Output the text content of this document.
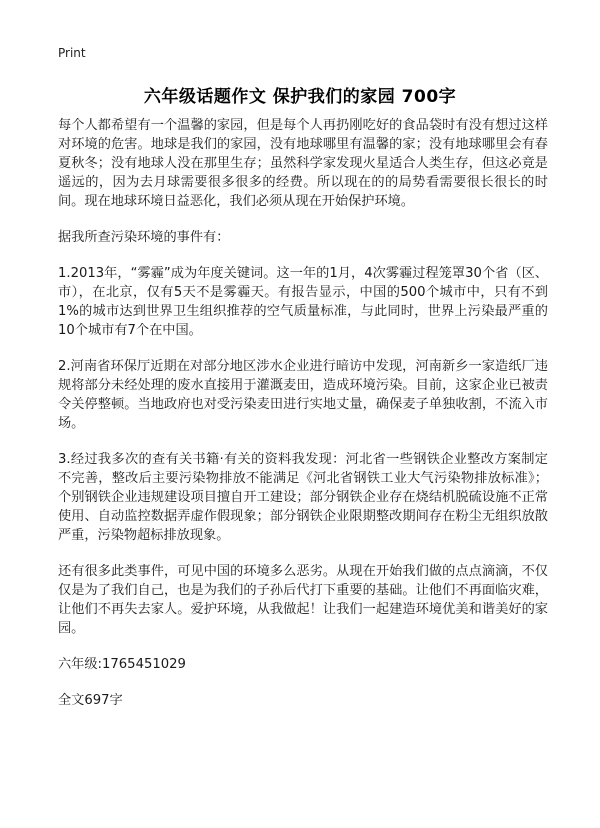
Print
六年级话题作文 保护我们的家园 700字

每个人都希望有一个温馨的家园，但是每个人再扔刚吃好的食品袋时有没有想过这样对环境的危害。地球是我们的家园，没有地球哪里有温馨的家；没有地球哪里会有春夏秋冬；没有地球人没在那里生存；虽然科学家发现火星适合人类生存，但这必竟是遥远的，因为去月球需要很多很多的经费。所以现在的的局势看需要很长很长的时间。现在地球环境日益恶化，我们必须从现在开始保护环境。

据我所查污染环境的事件有：

1.2013年，“雾霾”成为年度关键词。这一年的1月，4次雾霾过程笼罩30个省（区、市），在北京，仅有5天不是雾霾天。有报告显示，中国的500个城市中，只有不到1%的城市达到世界卫生组织推荐的空气质量标准，与此同时，世界上污染最严重的10个城市有7个在中国。

2.河南省环保厅近期在对部分地区涉水企业进行暗访中发现，河南新乡一家造纸厂违规将部分未经处理的废水直接用于灌溉麦田，造成环境污染。目前，这家企业已被责令关停整顿。当地政府也对受污染麦田进行实地丈量，确保麦子单独收割，不流入市场。

3.经过我多次的查有关书籍·有关的资料我发现：河北省一些钢铁企业整改方案制定不完善，整改后主要污染物排放不能满足《河北省钢铁工业大气污染物排放标准》；个别钢铁企业违规建设项目擅自开工建设；部分钢铁企业存在烧结机脱硫设施不正常使用、自动监控数据弄虚作假现象；部分钢铁企业限期整改期间存在粉尘无组织放散严重，污染物超标排放现象。

还有很多此类事件，可见中国的环境多么恶劣。从现在开始我们做的点点滴滴，不仅仅是为了我们自己，也是为我们的子孙后代打下重要的基础。让他们不再面临灾难，让他们不再失去家人。爱护环境，从我做起！让我们一起建造环境优美和谐美好的家园。

六年级:1765451029

全文697字
